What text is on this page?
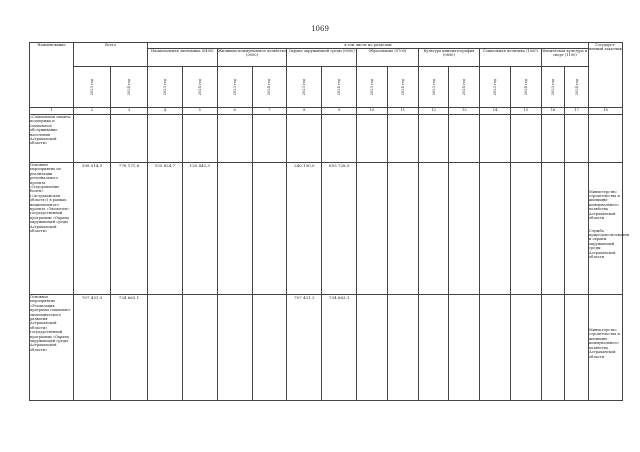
1069
Наименование	Всего		в том числе по разделам														Государст-венный заказчик
			Национальная экономика (0400)		Жилищно-коммунальное хозяйство (0500)		Охрана окружающей среды (0600)		Образование (0700)		Культура кинематография (0800)		Социальная политика (1000)		Физическая культура и спорт (1100)		

	2023 год	2024 год	2023 год	2024 год	2023 год	2024 год	2023 год	2024 год	2023 год	2024 год	2023 год	2024 год	2023 год	2024 год	2023 год	2024 год	

1	2	3	4	5	6	7	8	9	10	11	12	13	14	15	16	17	18
«Социальная защита, поддержка и социальное обслуживание населения Астраханской области»																	
Основное мероприятие по реализации регионального проекта «Оздоровление Волги» («Астраханская область») в рамках национального проекта «Экология» государственной программы «Охрана окружающей среды Астраханской области»	398 014,5	776 171,8	155 824,7	120 443,3			240 190,0	655 728,5									Министерство строительства и жилищно-коммунального хозяйства Астраханской области
Служба природопользования и охраны окружающей среды Астраханской области

Основное мероприятие «Реализация программ социально-экономического развития Астраханской области» государственной программы «Охрана окружающей среды Астраханской области»	707 431,3	734 663,1					707 431,3	734 663,1									Министерство строительства и жилищно-коммунального хозяйства Астраханской области
